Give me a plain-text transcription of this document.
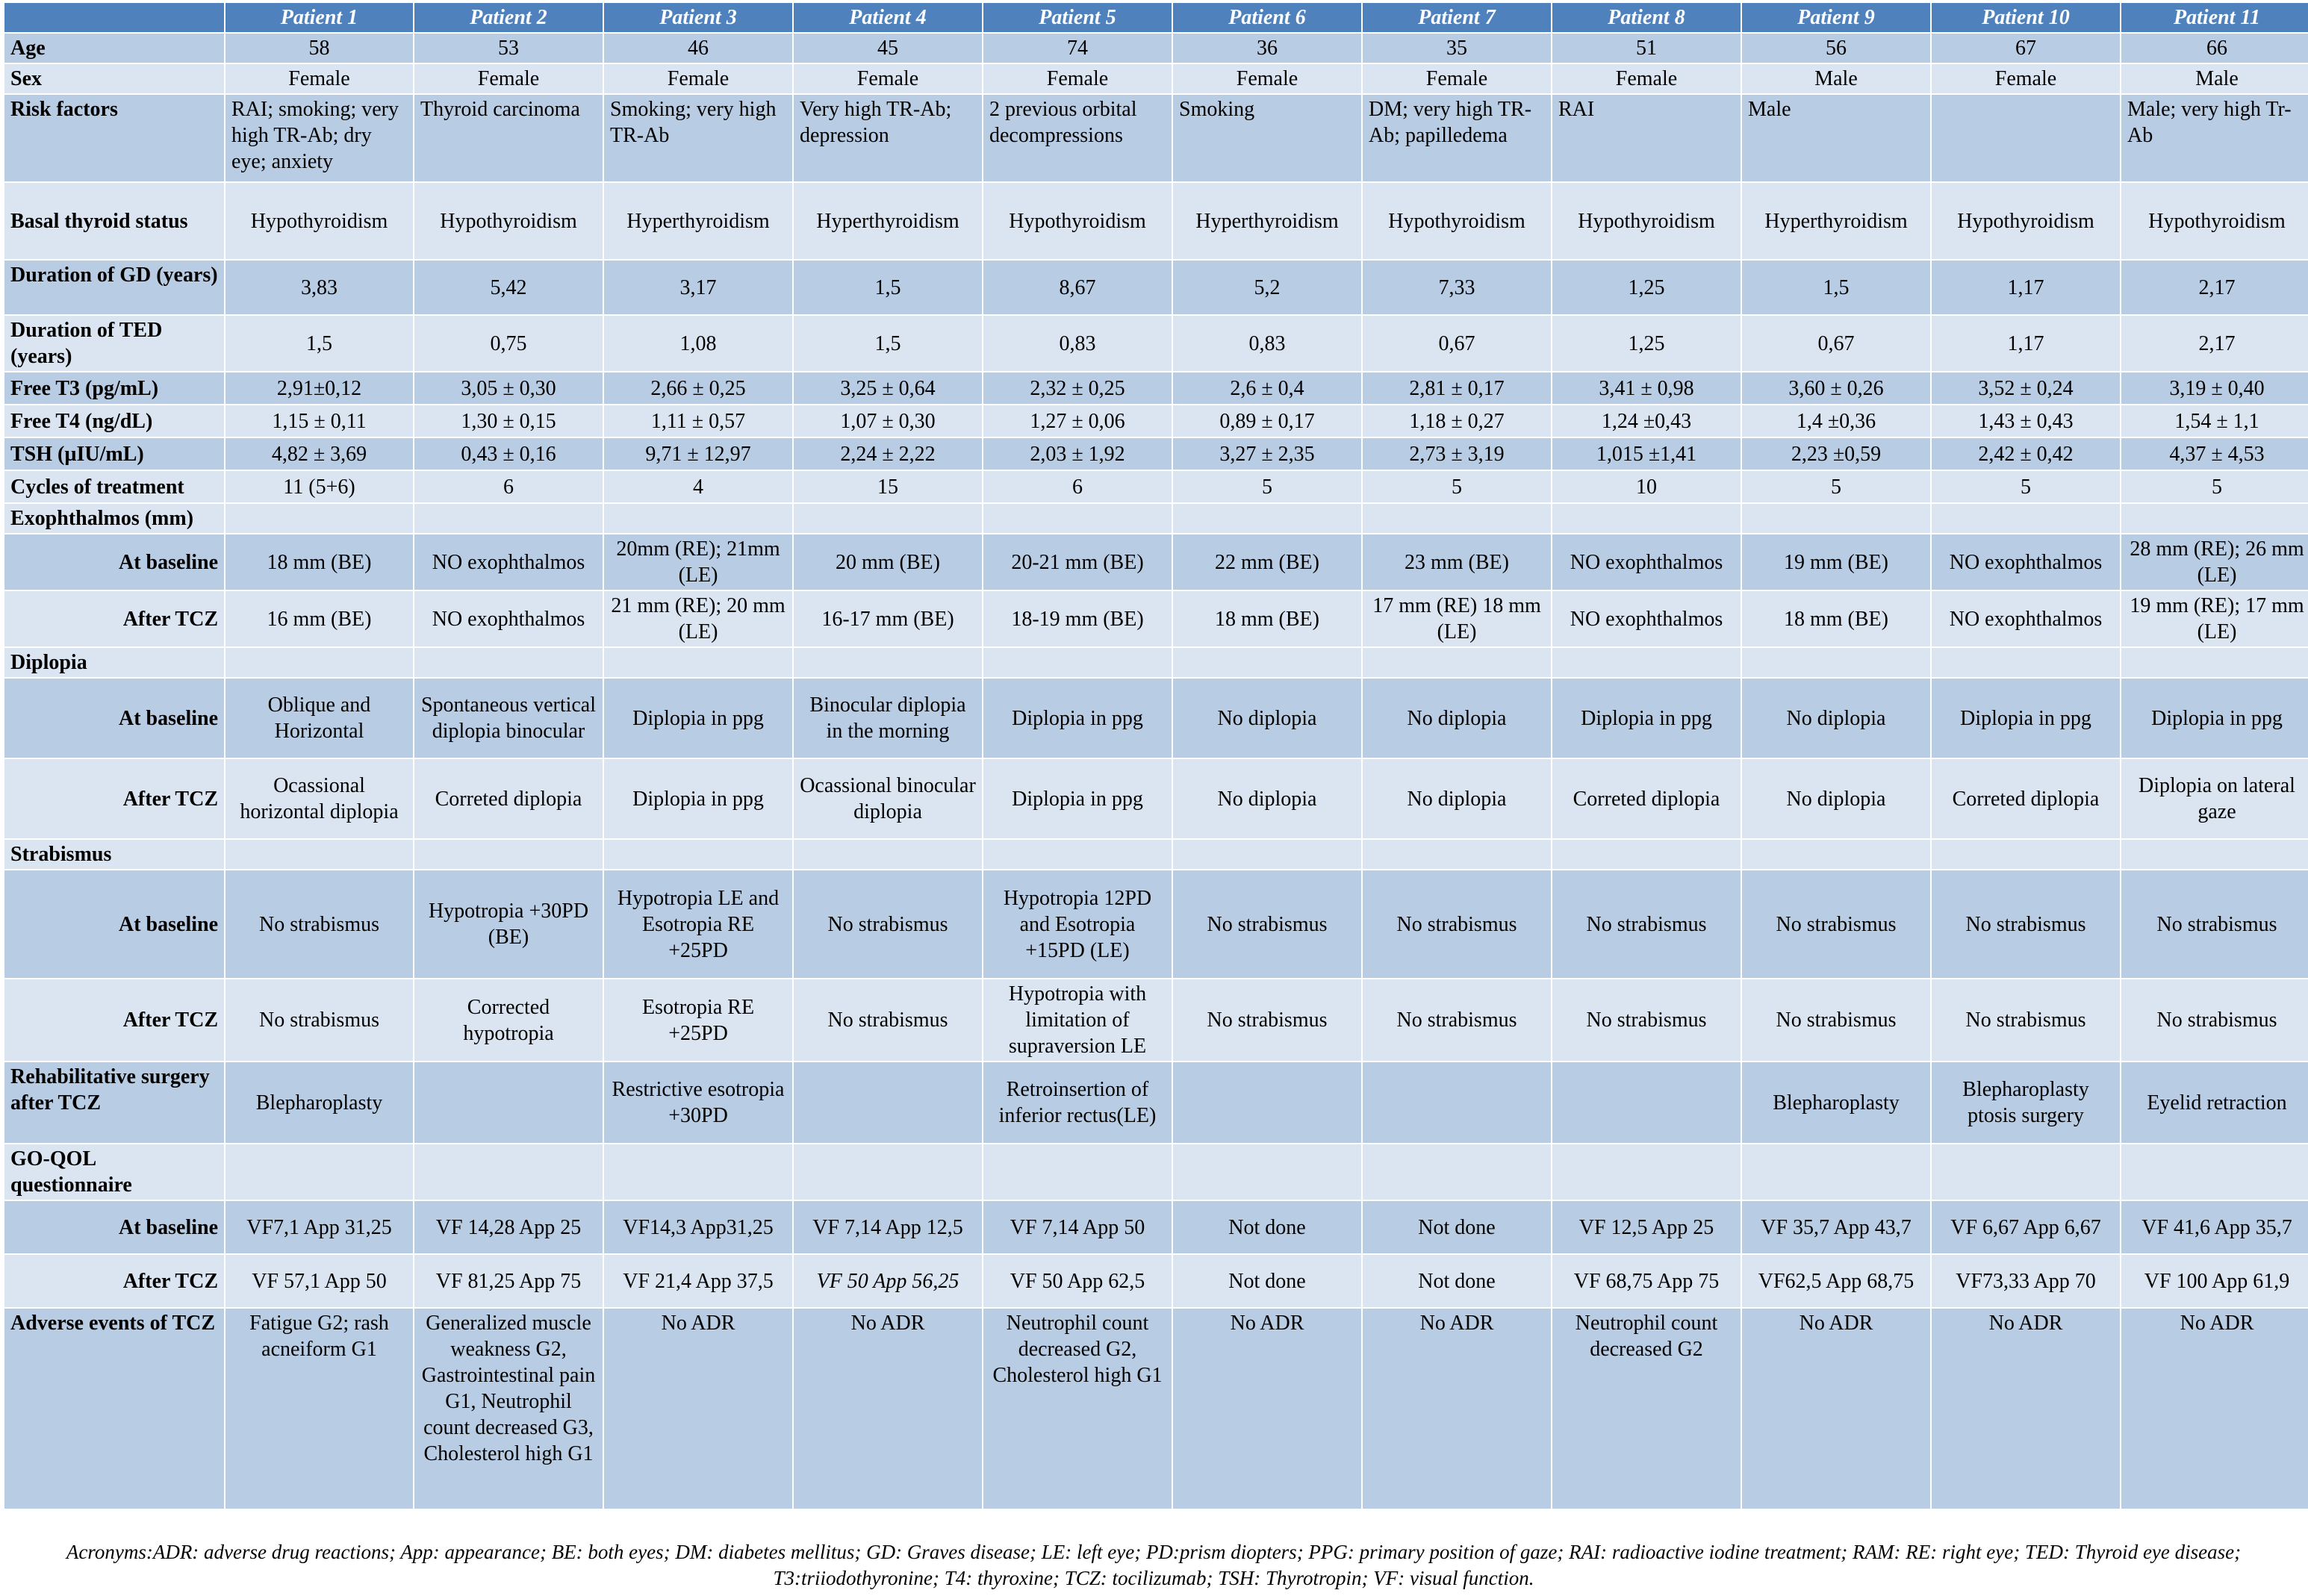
	Patient 1	Patient 2	Patient 3	Patient 4	Patient 5	Patient 6	Patient 7	Patient 8	Patient 9	Patient 10	Patient 11
Age	58	53	46	45	74	36	35	51	56	67	66
Sex	Female	Female	Female	Female	Female	Female	Female	Female	Male	Female	Male
Risk factors	RAI; smoking; very high TR-Ab; dry eye; anxiety	Thyroid carcinoma	Smoking; very high TR-Ab	Very high TR-Ab; depression	2 previous orbital decompressions	Smoking	DM; very high TR-Ab; papilledema	RAI	Male		Male; very high Tr-Ab
Basal thyroid status	Hypothyroidism	Hypothyroidism	Hyperthyroidism	Hyperthyroidism	Hypothyroidism	Hyperthyroidism	Hypothyroidism	Hypothyroidism	Hyperthyroidism	Hypothyroidism	Hypothyroidism
Duration of GD (years)	3,83	5,42	3,17	1,5	8,67	5,2	7,33	1,25	1,5	1,17	2,17
Duration of TED (years)	1,5	0,75	1,08	1,5	0,83	0,83	0,67	1,25	0,67	1,17	2,17
Free T3 (pg/mL)	2,91±0,12	3,05 ± 0,30	2,66 ± 0,25	3,25 ± 0,64	2,32 ± 0,25	2,6 ± 0,4	2,81 ± 0,17	3,41 ± 0,98	3,60 ± 0,26	3,52 ± 0,24	3,19 ± 0,40
Free T4 (ng/dL)	1,15 ± 0,11	1,30 ± 0,15	1,11 ± 0,57	1,07 ± 0,30	1,27 ± 0,06	0,89 ± 0,17	1,18 ± 0,27	1,24 ±0,43	1,4 ±0,36	1,43 ± 0,43	1,54 ± 1,1
TSH (µIU/mL)	4,82 ± 3,69	0,43 ± 0,16	9,71 ± 12,97	2,24 ± 2,22	2,03 ± 1,92	3,27 ± 2,35	2,73 ± 3,19	1,015 ±1,41	2,23 ±0,59	2,42 ± 0,42	4,37 ± 4,53
Cycles of treatment	11 (5+6)	6	4	15	6	5	5	10	5	5	5
Exophthalmos (mm)											
At baseline	18 mm (BE)	NO exophthalmos	20mm (RE); 21mm (LE)	20 mm (BE)	20-21 mm (BE)	22 mm (BE)	23 mm (BE)	NO exophthalmos	19 mm (BE)	NO exophthalmos	28 mm (RE); 26 mm (LE)
After TCZ	16 mm (BE)	NO exophthalmos	21 mm (RE); 20 mm (LE)	16-17 mm (BE)	18-19 mm (BE)	18 mm (BE)	17 mm (RE) 18 mm (LE)	NO exophthalmos	18 mm (BE)	NO exophthalmos	19 mm (RE); 17 mm (LE)
Diplopia											
At baseline	Oblique and Horizontal	Spontaneous vertical diplopia binocular	Diplopia in ppg	Binocular diplopia in the morning	Diplopia in ppg	No diplopia	No diplopia	Diplopia in ppg	No diplopia	Diplopia in ppg	Diplopia in ppg
After TCZ	Ocassional horizontal diplopia	Correted diplopia	Diplopia in ppg	Ocassional binocular diplopia	Diplopia in ppg	No diplopia	No diplopia	Correted diplopia	No diplopia	Correted diplopia	Diplopia on lateral gaze
Strabismus											
At baseline	No strabismus	Hypotropia +30PD (BE)	Hypotropia LE and Esotropia RE +25PD	No strabismus	Hypotropia 12PD and Esotropia +15PD (LE)	No strabismus	No strabismus	No strabismus	No strabismus	No strabismus	No strabismus
After TCZ	No strabismus	Corrected hypotropia	Esotropia RE +25PD	No strabismus	Hypotropia with limitation of supraversion LE	No strabismus	No strabismus	No strabismus	No strabismus	No strabismus	No strabismus
Rehabilitative surgery after TCZ	Blepharoplasty		Restrictive esotropia +30PD		Retroinsertion of inferior rectus(LE)				Blepharoplasty	Blepharoplasty ptosis surgery	Eyelid retraction
GO-QOL questionnaire											
At baseline	VF7,1 App 31,25	VF 14,28 App 25	VF14,3 App31,25	VF 7,14 App 12,5	VF 7,14 App 50	Not done	Not done	VF 12,5 App 25	VF 35,7 App 43,7	VF 6,67 App 6,67	VF 41,6 App 35,7
After TCZ	VF 57,1 App 50	VF 81,25 App 75	VF 21,4 App 37,5	VF 50 App 56,25	VF 50 App 62,5	Not done	Not done	VF 68,75 App 75	VF62,5 App 68,75	VF73,33 App 70	VF 100 App 61,9
Adverse events of TCZ	Fatigue G2; rash acneiform G1	Generalized muscle weakness G2, Gastrointestinal pain G1, Neutrophil count decreased G3, Cholesterol high G1	No ADR	No ADR	Neutrophil count decreased G2, Cholesterol high G1	No ADR	No ADR	Neutrophil count decreased G2	No ADR	No ADR	No ADR

Acronyms:ADR: adverse drug reactions; App: appearance; BE: both eyes; DM: diabetes mellitus; GD: Graves disease; LE: left eye; PD:prism diopters; PPG: primary position of gaze; RAI: radioactive iodine treatment; RAM: RE: right eye; TED: Thyroid eye disease; T3:triiodothyronine; T4: thyroxine; TCZ: tocilizumab; TSH: Thyrotropin; VF: visual function.
